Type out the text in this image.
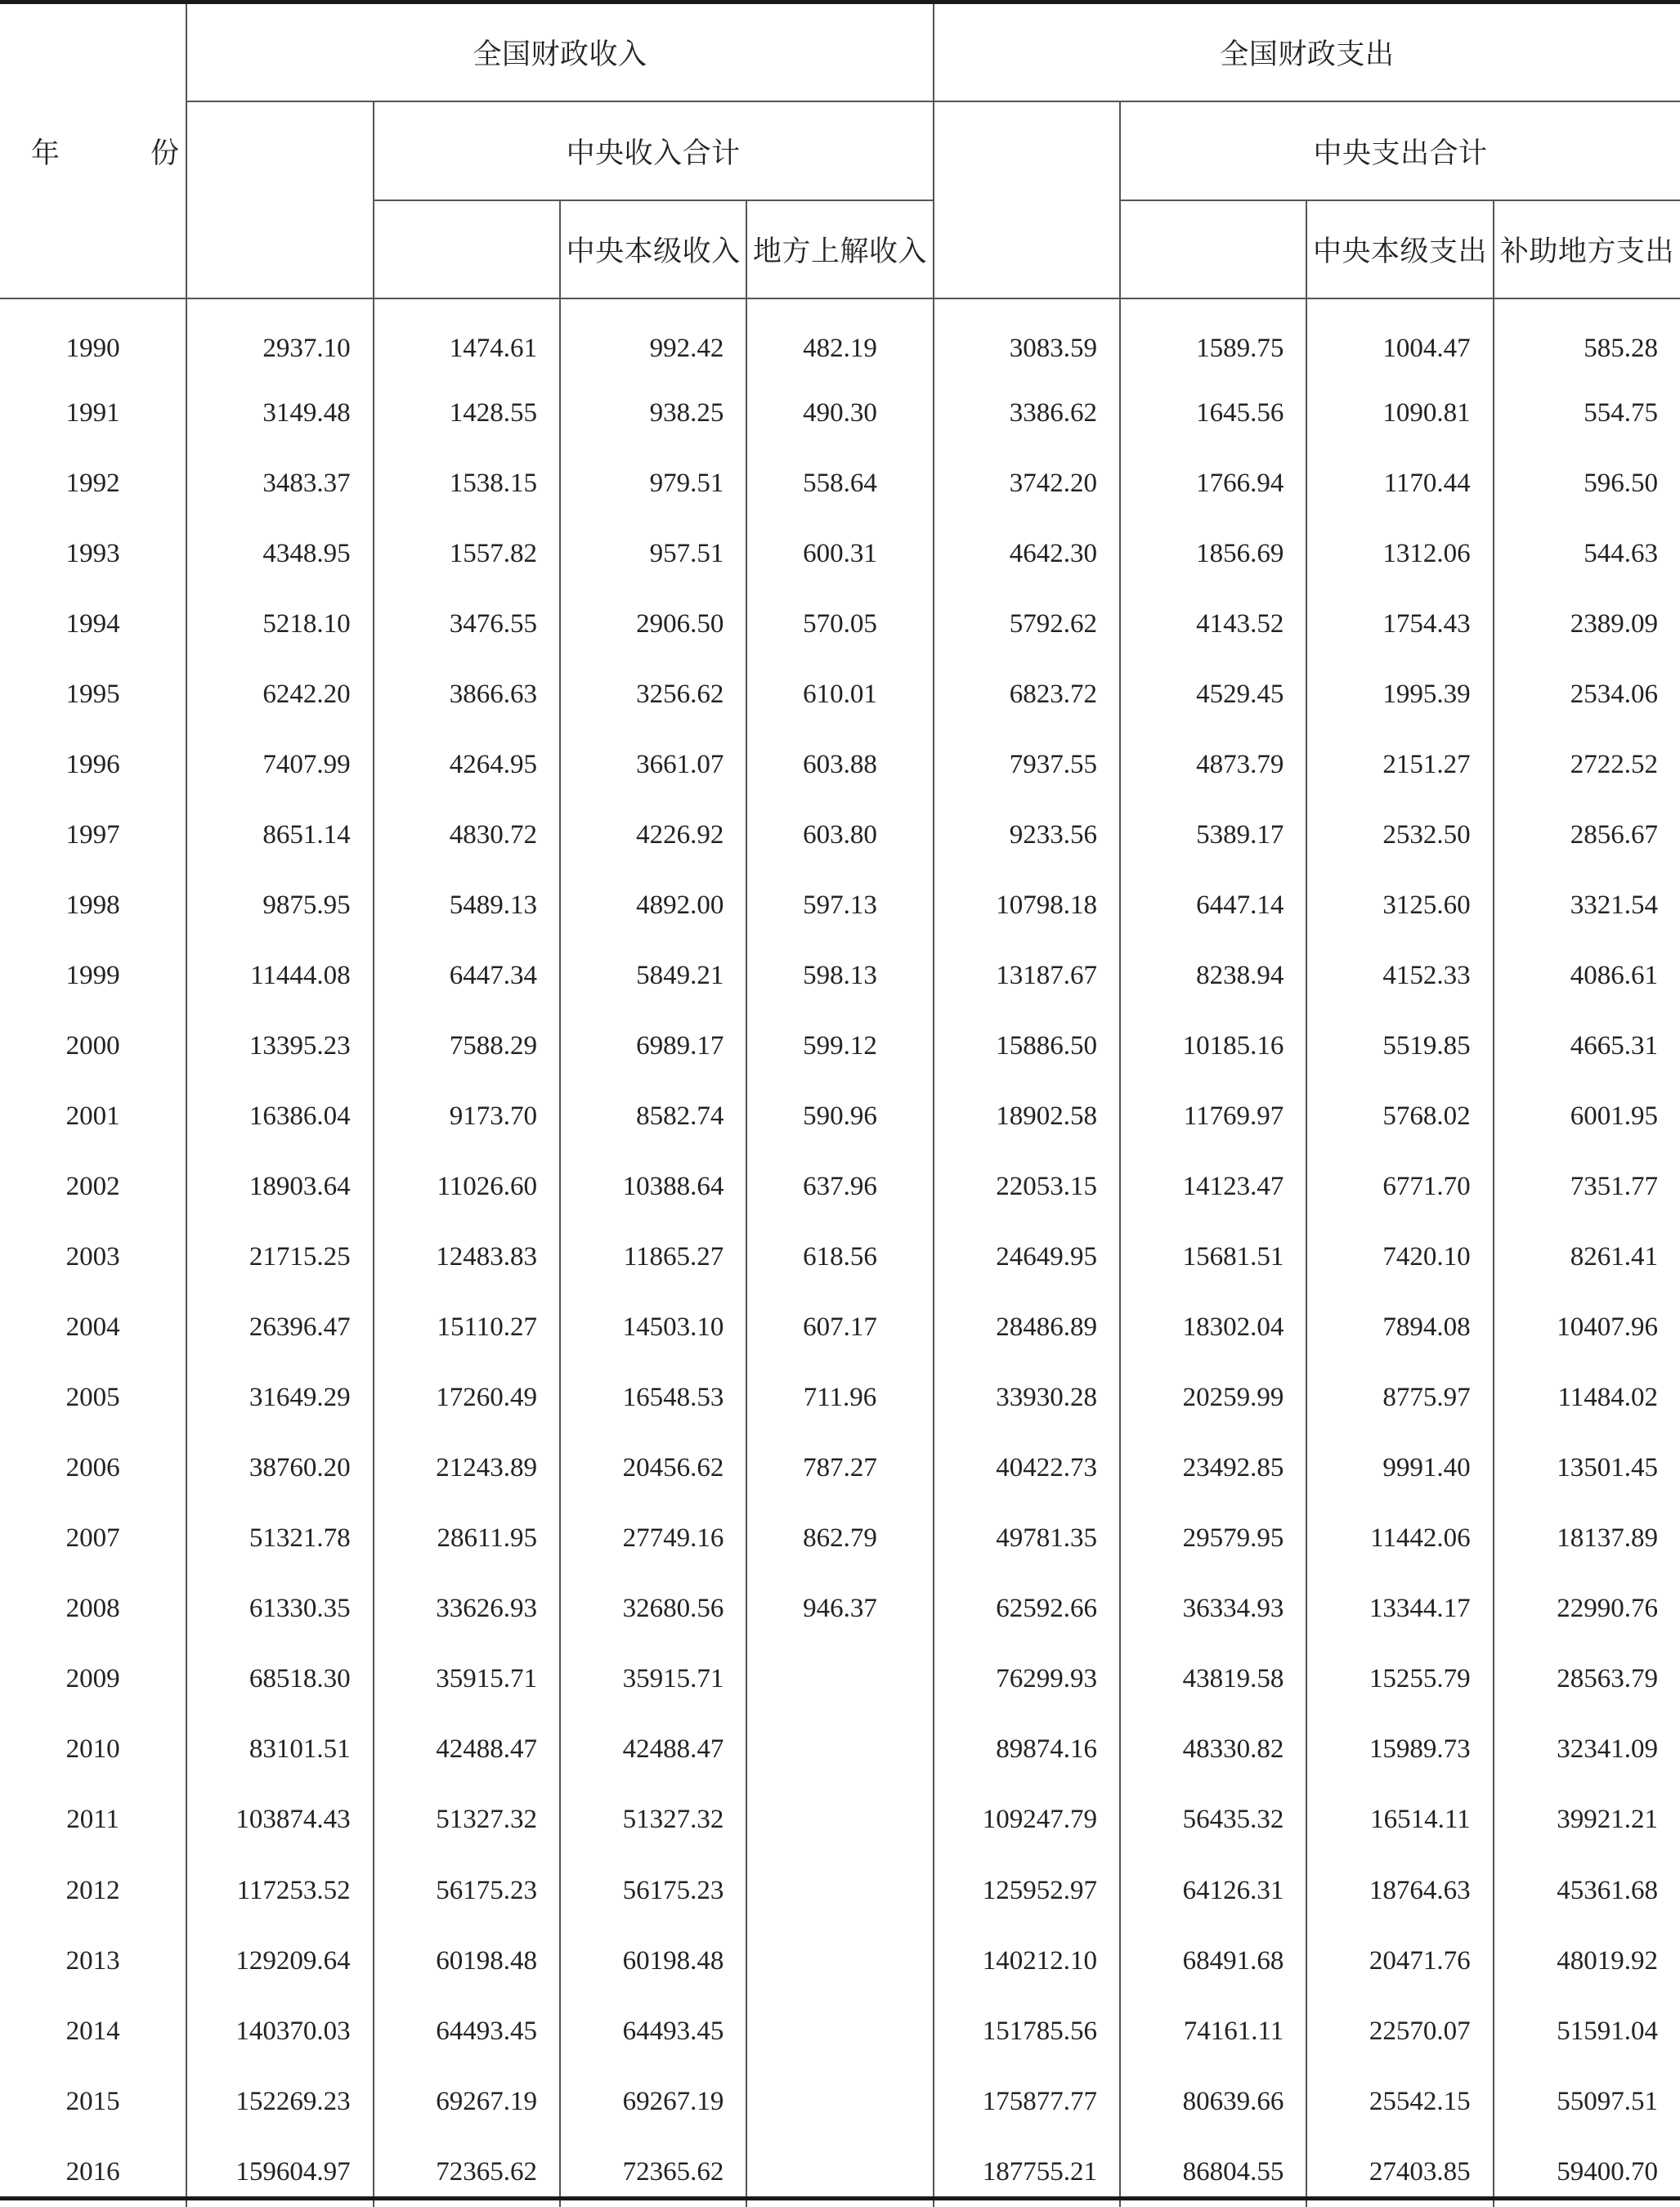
年　份	全国财政收入				全国财政支出			
		中央收入合计				中央支出合计		
			中央本级收入	地方上解收入			中央本级支出	补助地方支出
1990	2937.10	1474.61	992.42	482.19	3083.59	1589.75	1004.47	585.28
1991	3149.48	1428.55	938.25	490.30	3386.62	1645.56	1090.81	554.75
1992	3483.37	1538.15	979.51	558.64	3742.20	1766.94	1170.44	596.50
1993	4348.95	1557.82	957.51	600.31	4642.30	1856.69	1312.06	544.63
1994	5218.10	3476.55	2906.50	570.05	5792.62	4143.52	1754.43	2389.09
1995	6242.20	3866.63	3256.62	610.01	6823.72	4529.45	1995.39	2534.06
1996	7407.99	4264.95	3661.07	603.88	7937.55	4873.79	2151.27	2722.52
1997	8651.14	4830.72	4226.92	603.80	9233.56	5389.17	2532.50	2856.67
1998	9875.95	5489.13	4892.00	597.13	10798.18	6447.14	3125.60	3321.54
1999	11444.08	6447.34	5849.21	598.13	13187.67	8238.94	4152.33	4086.61
2000	13395.23	7588.29	6989.17	599.12	15886.50	10185.16	5519.85	4665.31
2001	16386.04	9173.70	8582.74	590.96	18902.58	11769.97	5768.02	6001.95
2002	18903.64	11026.60	10388.64	637.96	22053.15	14123.47	6771.70	7351.77
2003	21715.25	12483.83	11865.27	618.56	24649.95	15681.51	7420.10	8261.41
2004	26396.47	15110.27	14503.10	607.17	28486.89	18302.04	7894.08	10407.96
2005	31649.29	17260.49	16548.53	711.96	33930.28	20259.99	8775.97	11484.02
2006	38760.20	21243.89	20456.62	787.27	40422.73	23492.85	9991.40	13501.45
2007	51321.78	28611.95	27749.16	862.79	49781.35	29579.95	11442.06	18137.89
2008	61330.35	33626.93	32680.56	946.37	62592.66	36334.93	13344.17	22990.76
2009	68518.30	35915.71	35915.71		76299.93	43819.58	15255.79	28563.79
2010	83101.51	42488.47	42488.47		89874.16	48330.82	15989.73	32341.09
2011	103874.43	51327.32	51327.32		109247.79	56435.32	16514.11	39921.21
2012	117253.52	56175.23	56175.23		125952.97	64126.31	18764.63	45361.68
2013	129209.64	60198.48	60198.48		140212.10	68491.68	20471.76	48019.92
2014	140370.03	64493.45	64493.45		151785.56	74161.11	22570.07	51591.04
2015	152269.23	69267.19	69267.19		175877.77	80639.66	25542.15	55097.51
2016	159604.97	72365.62	72365.62		187755.21	86804.55	27403.85	59400.70
